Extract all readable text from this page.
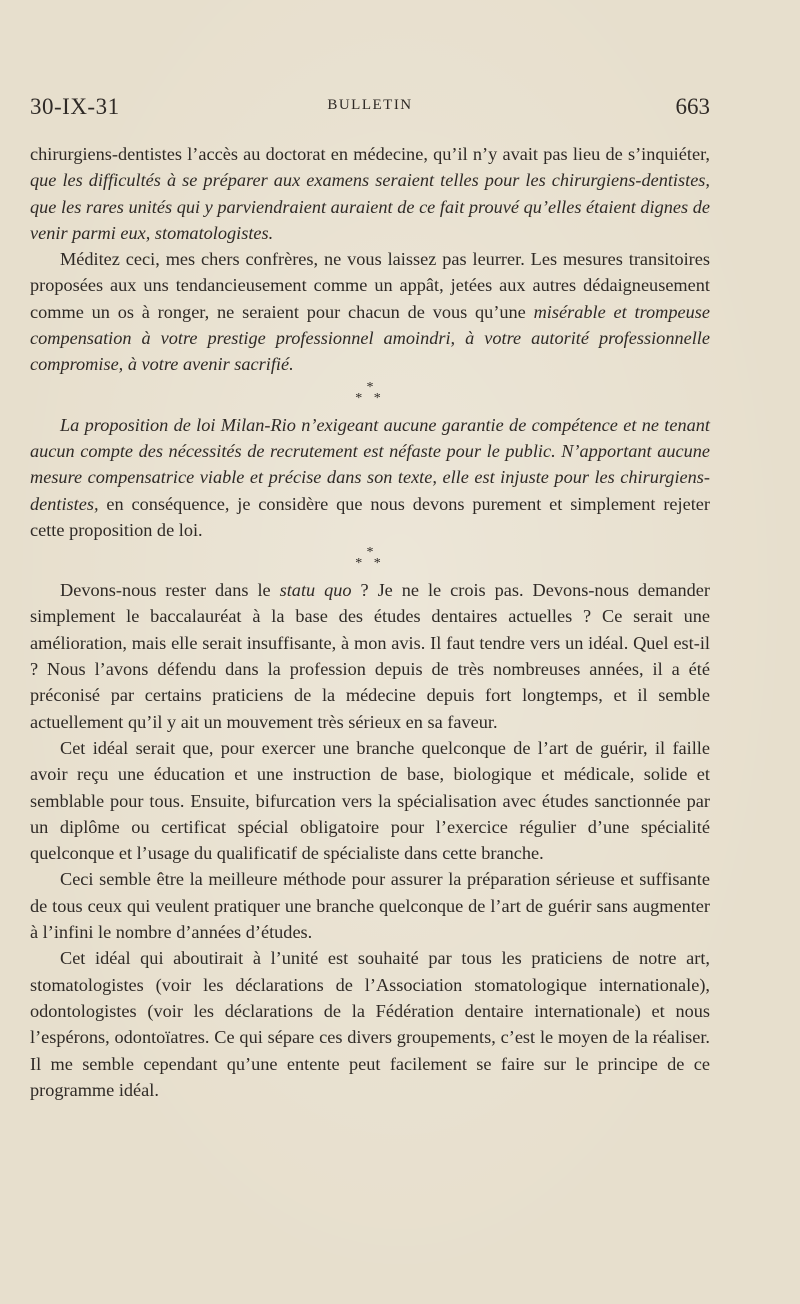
30-IX-31	BULLETIN	663

chirurgiens-dentistes l’accès au doctorat en médecine, qu’il n’y avait pas lieu de s’inquiéter, que les difficultés à se préparer aux examens seraient telles pour les chirurgiens-dentistes, que les rares unités qui y parviendraient auraient de ce fait prouvé qu’elles étaient dignes de venir parmi eux, stomatologistes.

Méditez ceci, mes chers confrères, ne vous laissez pas leurrer. Les mesures transitoires proposées aux uns tendancieusement comme un appât, jetées aux autres dédaigneusement comme un os à ronger, ne seraient pour chacun de vous qu’une misérable et trompeuse compensation à votre prestige professionnel amoindri, à votre autorité professionnelle compromise, à votre avenir sacrifié.

*
* *

La proposition de loi Milan-Rio n’exigeant aucune garantie de compétence et ne tenant aucun compte des nécessités de recrutement est néfaste pour le public. N’apportant aucune mesure compensatrice viable et précise dans son texte, elle est injuste pour les chirurgiens-dentistes, en conséquence, je considère que nous devons purement et simplement rejeter cette proposition de loi.

*
* *

Devons-nous rester dans le statu quo ? Je ne le crois pas. Devons-nous demander simplement le baccalauréat à la base des études dentaires actuelles ? Ce serait une amélioration, mais elle serait insuffisante, à mon avis. Il faut tendre vers un idéal. Quel est-il ? Nous l’avons défendu dans la profession depuis de très nombreuses années, il a été préconisé par certains praticiens de la médecine depuis fort longtemps, et il semble actuellement qu’il y ait un mouvement très sérieux en sa faveur.

Cet idéal serait que, pour exercer une branche quelconque de l’art de guérir, il faille avoir reçu une éducation et une instruction de base, biologique et médicale, solide et semblable pour tous. Ensuite, bifurcation vers la spécialisation avec études sanctionnée par un diplôme ou certificat spécial obligatoire pour l’exercice régulier d’une spécialité quelconque et l’usage du qualificatif de spécialiste dans cette branche.

Ceci semble être la meilleure méthode pour assurer la préparation sérieuse et suffisante de tous ceux qui veulent pratiquer une branche quelconque de l’art de guérir sans augmenter à l’infini le nombre d’années d’études.

Cet idéal qui aboutirait à l’unité est souhaité par tous les praticiens de notre art, stomatologistes (voir les déclarations de l’Association stomatologique internationale), odontologistes (voir les déclarations de la Fédération dentaire internationale) et nous l’espérons, odontoïatres. Ce qui sépare ces divers groupements, c’est le moyen de la réaliser. Il me semble cependant qu’une entente peut facilement se faire sur le principe de ce programme idéal.
